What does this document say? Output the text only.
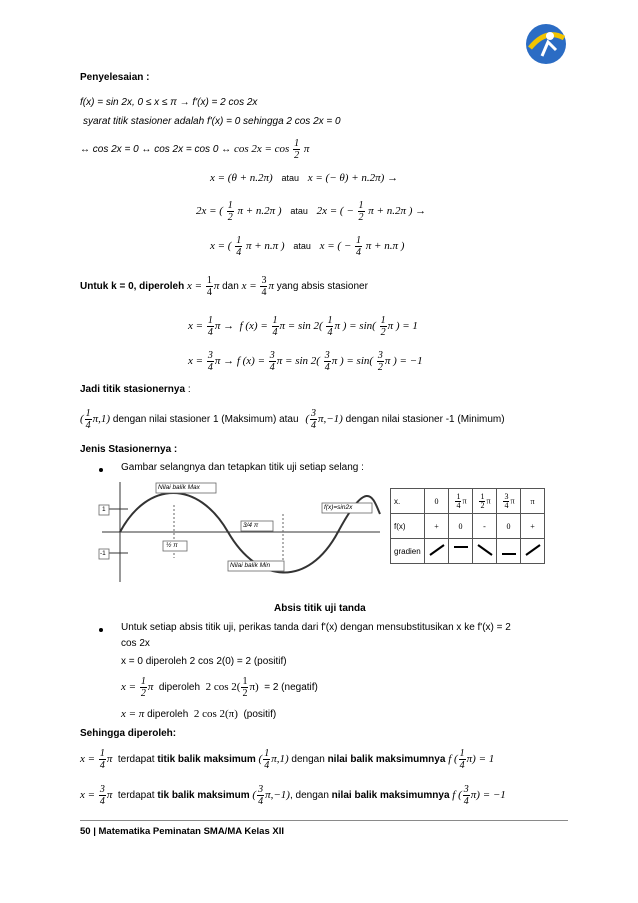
Penyelesaian :
f(x) = sin 2x, 0 ≤ x ≤ π → f'(x) = 2 cos 2x
syarat titik stasioner adalah f'(x) = 0 sehingga 2 cos 2x = 0
↔ cos 2x = 0 ↔ cos 2x = cos 0 ↔ $\cos 2x = \cos \frac{1}{2}$ π
x = (θ + n.2π) atau x = (− θ) + n.2π) →
2x = ( $\frac{1}{2}$ π + n.2π ) atau 2x = ( − $\frac{1}{2}$ π + n.2π ) →
x = ( $\frac{1}{4}$ π + n.π ) atau x = ( − $\frac{1}{4}$ π + n.π )
Untuk k = 0, diperoleh $x = \frac{1}{4}$ π dan $x = \frac{3}{4}$ π yang absis stasioner
$x = \frac{1}{4}$ π →  f $(x) = \frac{1}{4}$ $\pi = \sin 2( \frac{1}{4}$ π ) = $\sin( \frac{1}{2}$ π ) = 1
$x = \frac{3}{4}$ π → f $(x) = \frac{3}{4}$ $\pi = \sin 2( \frac{3}{4}$ π ) = $\sin( \frac{3}{2}$ π ) = −1
Jadi titik stasionernya :
( $\frac{1}{4} \pi,1$) dengan nilai stasioner 1 (Maksimum) atau ( $\frac{3}{4} \pi,-1$) dengan nilai stasioner -1 (Minimum)
Jenis Stasionernya :
Gambar selangnya dan tetapkan titik uji setiap selang :
Nilai balik Max
3/4 π
½ π
Nilai balik Min
f(x)=sin2x
1
-1
x.	0	$\frac{1}{4}$ π	$\frac{1}{2}$ π	$\frac{3}{4}$ π	π
f(x)	+	0	-	0	+
gradien					
Absis titik uji tanda
Untuk setiap absis titik uji, perikas tanda dari f'(x) dengan mensubstitusikan x ke f'(x) = 2
cos 2x
x = 0 diperoleh 2 cos 2(0) = 2 (positif)
$x = \frac{1}{2}$ π diperoleh 2 $\cos 2( \frac{1}{2} \pi) = 2$ (negatif)
x = π diperoleh 2 cos 2(π) (positif)
Sehingga diperoleh:
$x = \frac{1}{4}$ π terdapat titik balik maksimum ( $\frac{1}{4} \pi,1$) dengan nilai balik maksimumnya f ( $\frac{1}{4} \pi) = 1$
$x = \frac{3}{4}$ π terdapat tik balik maksimum ( $\frac{3}{4} \pi,-1$), dengan nilai balik maksimumnya f ( $\frac{3}{4} \pi) = -1$
50 | Matematika Peminatan SMA/MA Kelas XII
